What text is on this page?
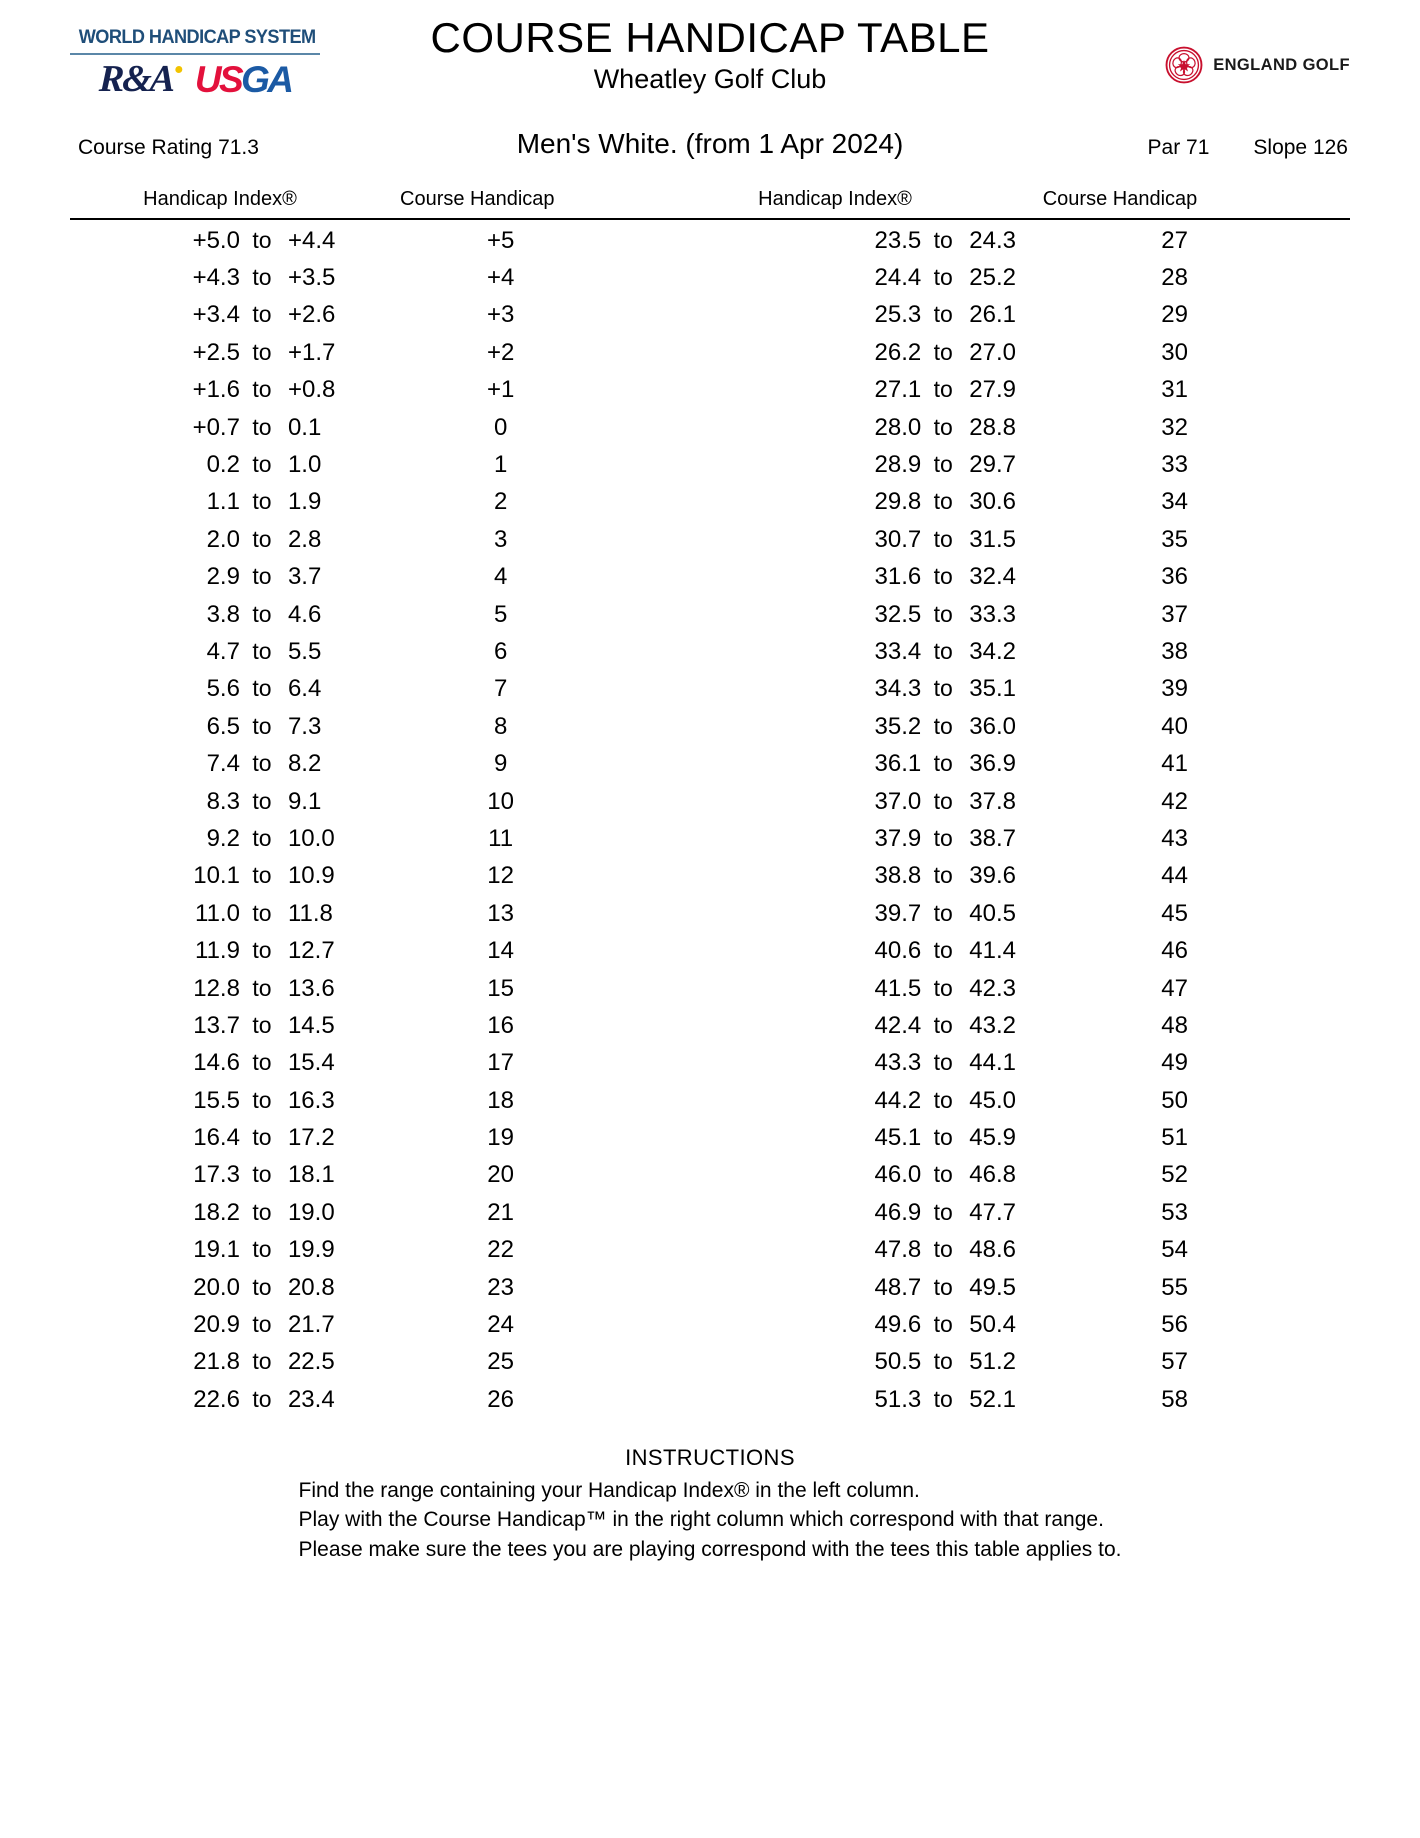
WORLD HANDICAP SYSTEM
R&A USGA
COURSE HANDICAP TABLE
Wheatley Golf Club	ENGLAND GOLF
Course Rating 71.3	Men's White. (from 1 Apr 2024)	Par 71 Slope 126
Handicap Index®	Course Handicap	Handicap Index®	Course Handicap
+5.0 to +4.4	+5	23.5 to 24.3	27
+4.3 to +3.5	+4	24.4 to 25.2	28
+3.4 to +2.6	+3	25.3 to 26.1	29
+2.5 to +1.7	+2	26.2 to 27.0	30
+1.6 to +0.8	+1	27.1 to 27.9	31
+0.7 to 0.1	0	28.0 to 28.8	32
0.2 to 1.0	1	28.9 to 29.7	33
1.1 to 1.9	2	29.8 to 30.6	34
2.0 to 2.8	3	30.7 to 31.5	35
2.9 to 3.7	4	31.6 to 32.4	36
3.8 to 4.6	5	32.5 to 33.3	37
4.7 to 5.5	6	33.4 to 34.2	38
5.6 to 6.4	7	34.3 to 35.1	39
6.5 to 7.3	8	35.2 to 36.0	40
7.4 to 8.2	9	36.1 to 36.9	41
8.3 to 9.1	10	37.0 to 37.8	42
9.2 to 10.0	11	37.9 to 38.7	43
10.1 to 10.9	12	38.8 to 39.6	44
11.0 to 11.8	13	39.7 to 40.5	45
11.9 to 12.7	14	40.6 to 41.4	46
12.8 to 13.6	15	41.5 to 42.3	47
13.7 to 14.5	16	42.4 to 43.2	48
14.6 to 15.4	17	43.3 to 44.1	49
15.5 to 16.3	18	44.2 to 45.0	50
16.4 to 17.2	19	45.1 to 45.9	51
17.3 to 18.1	20	46.0 to 46.8	52
18.2 to 19.0	21	46.9 to 47.7	53
19.1 to 19.9	22	47.8 to 48.6	54
20.0 to 20.8	23	48.7 to 49.5	55
20.9 to 21.7	24	49.6 to 50.4	56
21.8 to 22.5	25	50.5 to 51.2	57
22.6 to 23.4	26	51.3 to 52.1	58
INSTRUCTIONS
Find the range containing your Handicap Index® in the left column.
Play with the Course Handicap™ in the right column which correspond with that range.
Please make sure the tees you are playing correspond with the tees this table applies to.
